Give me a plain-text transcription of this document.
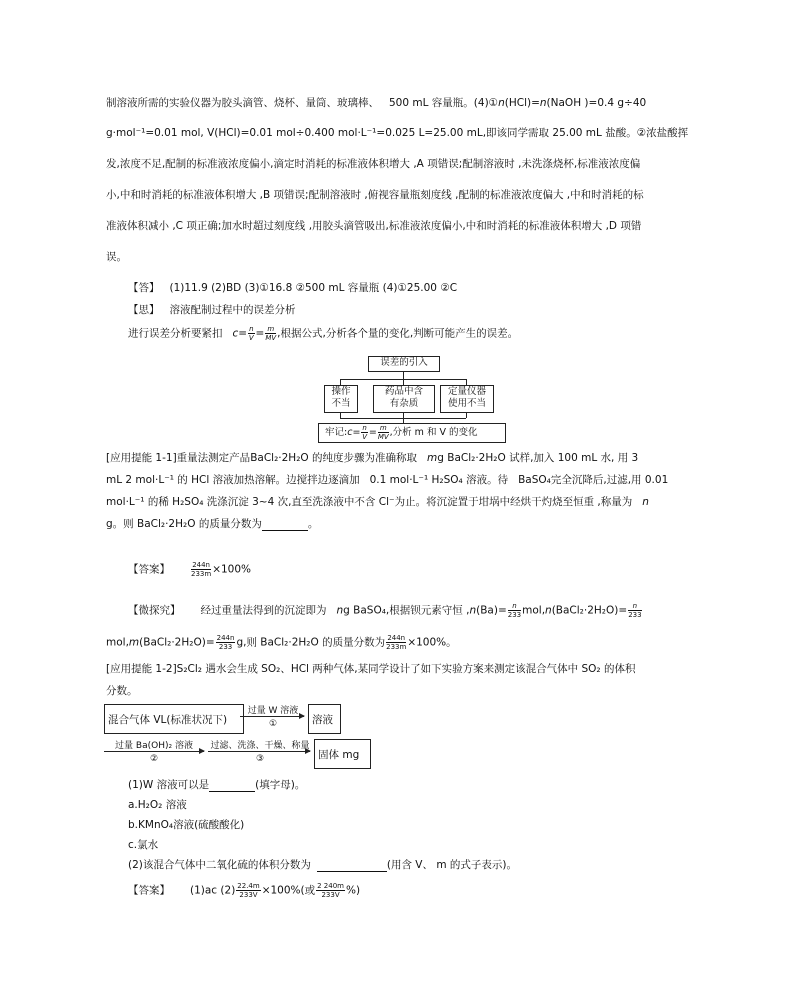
制溶液所需的实验仪器为胶头滴管、烧杯、量筒、玻璃棒、 500 mL 容量瓶。(4)①n(HCl)=n(NaOH )=0.4 g÷40
g·mol⁻¹=0.01 mol, V(HCl)=0.01 mol÷0.400 mol·L⁻¹=0.025 L=25.00 mL,即该同学需取 25.00 mL 盐酸。②浓盐酸挥
发,浓度不足,配制的标准液浓度偏小,滴定时消耗的标准液体积增大 ,A 项错误;配制溶液时 ,未洗涤烧杯,标准液浓度偏
小,中和时消耗的标准液体积增大 ,B 项错误;配制溶液时 ,俯视容量瓶刻度线 ,配制的标准液浓度偏大 ,中和时消耗的标
准液体积减小 ,C 项正确;加水时超过刻度线 ,用胶头滴管吸出,标准液浓度偏小,中和时消耗的标准液体积增大 ,D 项错
误。
【答】 (1)11.9 (2)BD (3)①16.8 ②500 mL 容量瓶 (4)①25.00 ②C
【思】 溶液配制过程中的误差分析
进行误差分析要紧扣 $c= \frac{n}{V} = \frac{m}{MV}$ ,根据公式,分析各个量的变化,判断可能产生的误差。
误差的引入
操作
不当
药品中含
有杂质
定量仪器
使用不当
牢记:c= $\frac{n}{V} = \frac{m}{MV}$ ,分析 m 和 V 的变化
[应用提能 1-1]重量法测定产品BaCl₂·2H₂O 的纯度步骤为准确称取 mg BaCl₂·2H₂O 试样,加入 100 mL 水, 用 3
mL 2 mol·L⁻¹ 的 HCl 溶液加热溶解。边搅拌边逐滴加 0.1 mol·L⁻¹ H₂SO₄ 溶液。待 BaSO₄完全沉降后,过滤,用 0.01
mol·L⁻¹ 的稀 H₂SO₄ 洗涤沉淀 3~4 次,直至洗涤液中不含 Cl⁻为止。将沉淀置于坩埚中经烘干灼烧至恒重 ,称量为 n
g。则 BaCl₂·2H₂O 的质量分数为	。
【答案】	$\frac{244n}{233m} \times 100\%$
【微探究】 经过重量法得到的沉淀即为 ng BaSO₄,根据钡元素守恒 $,n(Ba)= \frac{n}{233}$ mol,n(BaCl₂·2H₂O)= $\frac{n}{233}$
mol,m(BaCl₂·2H₂O)= $\frac{244n}{233} g$,则 BaCl₂·2H₂O 的质量分数为 $\frac{244n}{233m} \times 100\%$。
[应用提能 1-2]S₂Cl₂ 遇水会生成 SO₂、HCl 两种气体,某同学设计了如下实验方案来测定该混合气体中 SO₂ 的体积
分数。
混合气体 VL(标准状况下)
过量 W 溶液
①	溶液
过量 Ba(OH)₂ 溶液
②
过滤、洗涤、干燥、称量
③	固体 mg
(1)W 溶液可以是	(填字母)。
a.H₂O₂ 溶液
b.KMnO₄溶液(硫酸酸化)
c.氯水
(2)该混合气体中二氧化硫的体积分数为	(用含 V、 m 的式子表示)。
【答案】 (1)ac $(2) \frac{22.4m}{233V} \times 100\%$(或 $\frac{2 240m}{233V}$ %)
